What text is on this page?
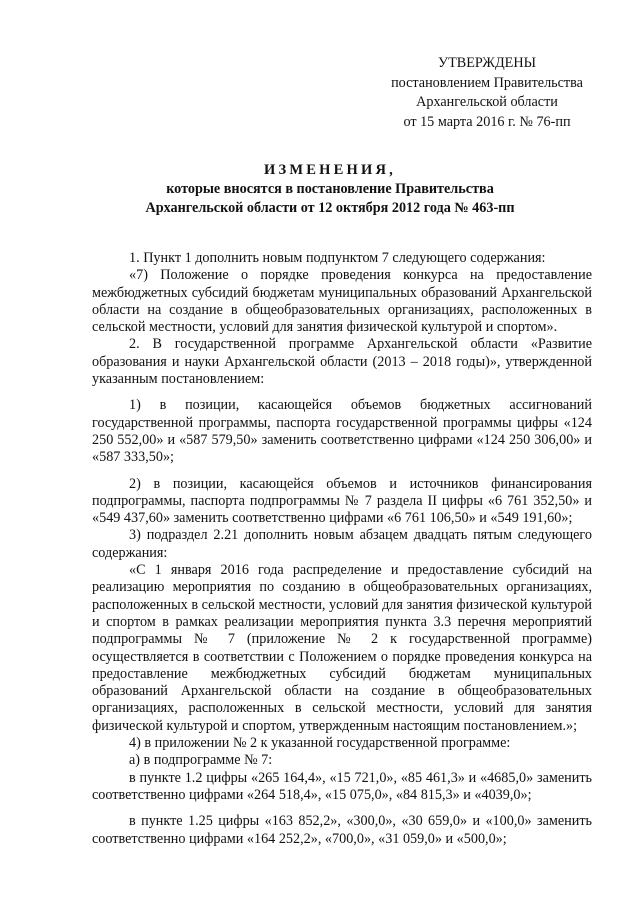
УТВЕРЖДЕНЫ
постановлением Правительства
Архангельской области
от 15 марта 2016 г. № 76-пп
ИЗМЕНЕНИЯ,
которые вносятся в постановление Правительства
Архангельской области от 12 октября 2012 года № 463-пп

1. Пункт 1 дополнить новым подпунктом 7 следующего содержания:

«7) Положение о порядке проведения конкурса на предоставление межбюджетных субсидий бюджетам муниципальных образований Архангельской области на создание в общеобразовательных организациях, расположенных в сельской местности, условий для занятия физической культурой и спортом».

2. В государственной программе Архангельской области «Развитие образования и науки Архангельской области (2013 – 2018 годы)», утвержденной указанным постановлением:

1) в позиции, касающейся объемов бюджетных ассигнований государственной программы, паспорта государственной программы цифры «124 250 552,00» и «587 579,50» заменить соответственно цифрами «124 250 306,00» и «587 333,50»;

2) в позиции, касающейся объемов и источников финансирования подпрограммы, паспорта подпрограммы № 7 раздела II цифры «6 761 352,50» и «549 437,60» заменить соответственно цифрами «6 761 106,50» и «549 191,60»;

3) подраздел 2.21 дополнить новым абзацем двадцать пятым следующего содержания:

«С 1 января 2016 года распределение и предоставление субсидий на реализацию мероприятия по созданию в общеобразовательных организациях, расположенных в сельской местности, условий для занятия физической культурой и спортом в рамках реализации мероприятия пункта 3.3 перечня мероприятий подпрограммы № 7 (приложение № 2 к государственной программе) осуществляется в соответствии с Положением о порядке проведения конкурса на предоставление межбюджетных субсидий бюджетам муниципальных образований Архангельской области на создание в общеобразовательных организациях, расположенных в сельской местности, условий для занятия физической культурой и спортом, утвержденным настоящим постановлением.»;

4) в приложении № 2 к указанной государственной программе:

а) в подпрограмме № 7:

в пункте 1.2 цифры «265 164,4», «15 721,0», «85 461,3» и «4685,0» заменить соответственно цифрами «264 518,4», «15 075,0», «84 815,3» и «4039,0»;

в пункте 1.25 цифры «163 852,2», «300,0», «30 659,0» и «100,0» заменить соответственно цифрами «164 252,2», «700,0», «31 059,0» и «500,0»;
